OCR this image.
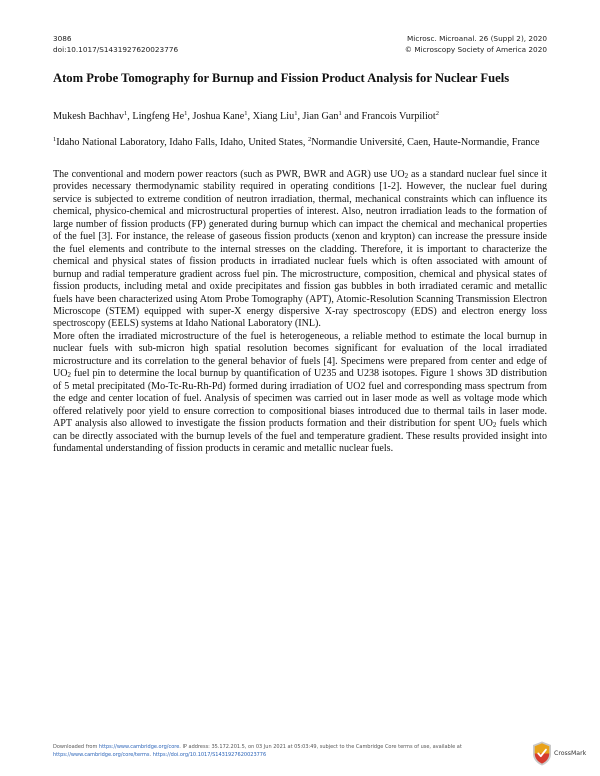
3086
doi:10.1017/S1431927620023776
Microsc. Microanal. 26 (Suppl 2), 2020
© Microscopy Society of America 2020
Atom Probe Tomography for Burnup and Fission Product Analysis for Nuclear Fuels
Mukesh Bachhav$^1$, Lingfeng He$^1$, Joshua Kane$^1$, Xiang Liu$^1$, Jian Gan$^1$ and Francois Vurpiliot$^2$
$^1$Idaho National Laboratory, Idaho Falls, Idaho, United States, $^2$Normandie Université, Caen, Haute-Normandie, France

The conventional and modern power reactors (such as PWR, BWR and AGR) use $UO_2$ as a standard nuclear fuel since it provides necessary thermodynamic stability required in operating conditions [1-2]. However, the nuclear fuel during service is subjected to extreme condition of neutron irradiation, thermal, mechanical constraints which can influence its chemical, physico-chemical and microstructural properties of interest. Also, neutron irradiation leads to the formation of large number of fission products (FP) generated during burnup which can impact the chemical and mechanical properties of the fuel [3]. For instance, the release of gaseous fission products (xenon and krypton) can increase the pressure inside the fuel elements and contribute to the internal stresses on the cladding. Therefore, it is important to characterize the chemical and physical states of fission products in irradiated nuclear fuels which is often associated with amount of burnup and radial temperature gradient across fuel pin. The microstructure, composition, chemical and physical states of fission products, including metal and oxide precipitates and fission gas bubbles in both irradiated ceramic and metallic fuels have been characterized using Atom Probe Tomography (APT), Atomic-Resolution Scanning Transmission Electron Microscope (STEM) equipped with super-X energy dispersive X-ray spectroscopy (EDS) and electron energy loss spectroscopy (EELS) systems at Idaho National Laboratory (INL).

More often the irradiated microstructure of the fuel is heterogeneous, a reliable method to estimate the local burnup in nuclear fuels with sub-micron high spatial resolution becomes significant for evaluation of the local irradiated microstructure and its correlation to the general behavior of fuels [4]. Specimens were prepared from center and edge of $UO_2$ fuel pin to determine the local burnup by quantification of U235 and U238 isotopes. Figure 1 shows 3D distribution of 5 metal precipitated (Mo-Tc-Ru-Rh-Pd) formed during irradiation of UO2 fuel and corresponding mass spectrum from the edge and center location of fuel. Analysis of specimen was carried out in laser mode as well as voltage mode which offered relatively poor yield to ensure correction to compositional biases introduced due to thermal tails in laser mode. APT analysis also allowed to investigate the fission products formation and their distribution for spent $UO_2$ fuels which can be directly associated with the burnup levels of the fuel and temperature gradient. These results provided insight into fundamental understanding of fission products in ceramic and metallic nuclear fuels.

Downloaded from https://www.cambridge.org/core. IP address: 35.172.201.5, on 03 Jun 2021 at 05:03:49, subject to the Cambridge Core terms of use, available at
https://www.cambridge.org/core/terms. https://doi.org/10.1017/S1431927620023776	CrossMark
